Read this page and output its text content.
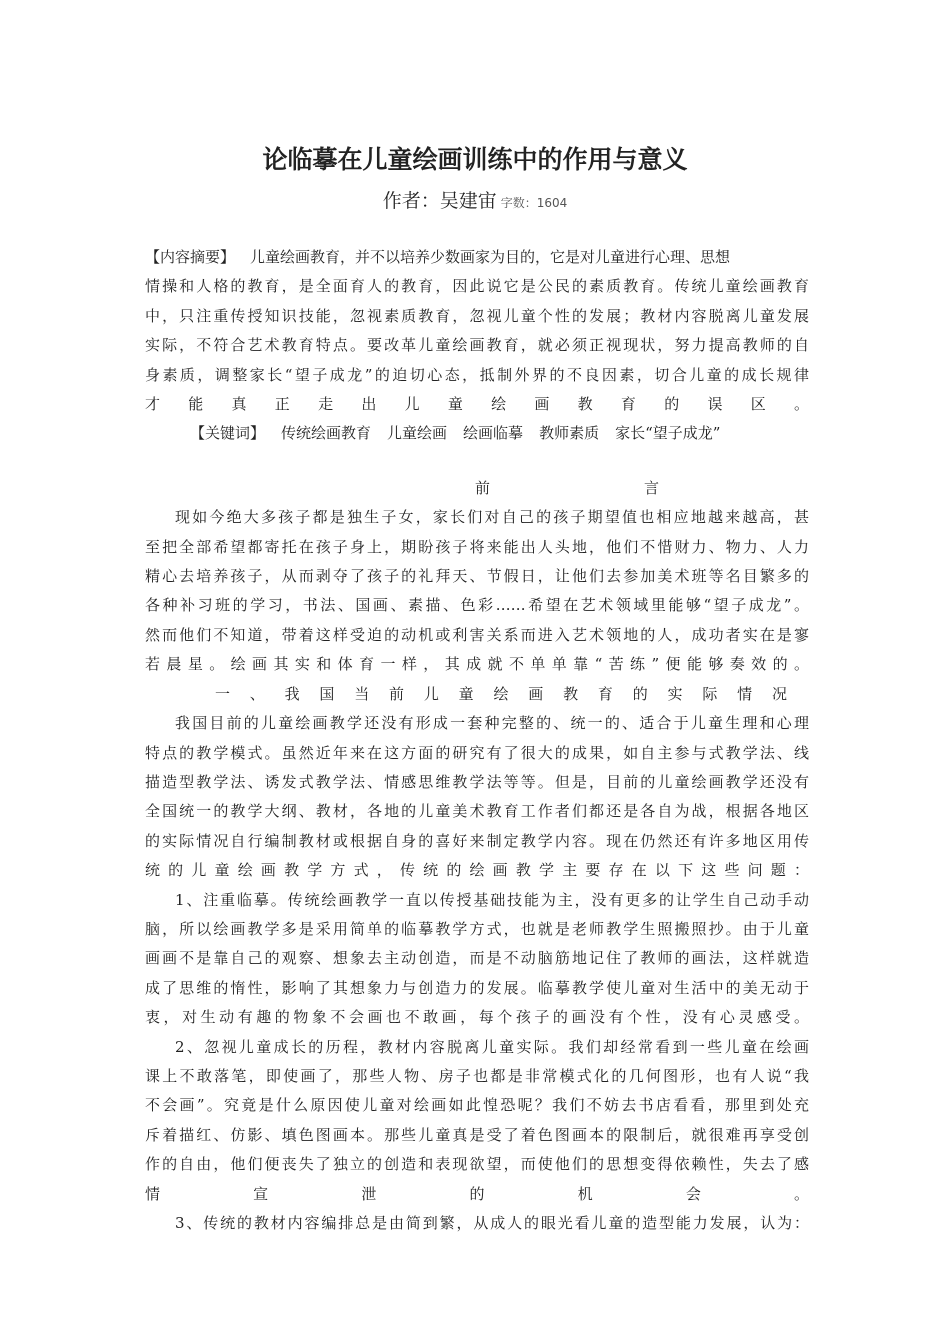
论临摹在儿童绘画训练中的作用与意义
作者：吴建宙 字数：1604

【内容摘要】  儿童绘画教育，并不以培养少数画家为目的，它是对儿童进行心理、思想

情操和人格的教育，是全面育人的教育，因此说它是公民的素质教育。传统儿童绘画教育

中，只注重传授知识技能，忽视素质教育，忽视儿童个性的发展；教材内容脱离儿童发展

实际，不符合艺术教育特点。要改革儿童绘画教育，就必须正视现状，努力提高教师的自

身素质，调整家长“望子成龙”的迫切心态，抵制外界的不良因素，切合儿童的成长规律

才能真正走出儿童绘画教育的误区。

【关键词】 传统绘画教育 儿童绘画 绘画临摹 教师素质 家长“望子成龙”

前言

现如今绝大多孩子都是独生子女，家长们对自己的孩子期望值也相应地越来越高，甚

至把全部希望都寄托在孩子身上，期盼孩子将来能出人头地，他们不惜财力、物力、人力

精心去培养孩子，从而剥夺了孩子的礼拜天、节假日，让他们去参加美术班等名目繁多的

各种补习班的学习，书法、国画、素描、色彩……希望在艺术领域里能够“望子成龙”。

然而他们不知道，带着这样受迫的动机或利害关系而进入艺术领地的人，成功者实在是寥

若晨星。绘画其实和体育一样，其成就不单单靠“苦练”便能够奏效的。

一、我国当前儿童绘画教育的实际情况

我国目前的儿童绘画教学还没有形成一套种完整的、统一的、适合于儿童生理和心理

特点的教学模式。虽然近年来在这方面的研究有了很大的成果，如自主参与式教学法、线

描造型教学法、诱发式教学法、情感思维教学法等等。但是，目前的儿童绘画教学还没有

全国统一的教学大纲、教材，各地的儿童美术教育工作者们都还是各自为战，根据各地区

的实际情况自行编制教材或根据自身的喜好来制定教学内容。现在仍然还有许多地区用传

统的儿童绘画教学方式，传统的绘画教学主要存在以下这些问题：

1、注重临摹。传统绘画教学一直以传授基础技能为主，没有更多的让学生自己动手动

脑，所以绘画教学多是采用简单的临摹教学方式，也就是老师教学生照搬照抄。由于儿童

画画不是靠自己的观察、想象去主动创造，而是不动脑筋地记住了教师的画法，这样就造

成了思维的惰性，影响了其想象力与创造力的发展。临摹教学使儿童对生活中的美无动于

衷，对生动有趣的物象不会画也不敢画，每个孩子的画没有个性，没有心灵感受。

2、忽视儿童成长的历程，教材内容脱离儿童实际。我们却经常看到一些儿童在绘画

课上不敢落笔，即使画了，那些人物、房子也都是非常模式化的几何图形，也有人说“我

不会画”。究竟是什么原因使儿童对绘画如此惶恐呢？我们不妨去书店看看，那里到处充

斥着描红、仿影、填色图画本。那些儿童真是受了着色图画本的限制后，就很难再享受创

作的自由，他们便丧失了独立的创造和表现欲望，而使他们的思想变得依赖性，失去了感

情宣泄的机会。

3、传统的教材内容编排总是由简到繁，从成人的眼光看儿童的造型能力发展，认为：
